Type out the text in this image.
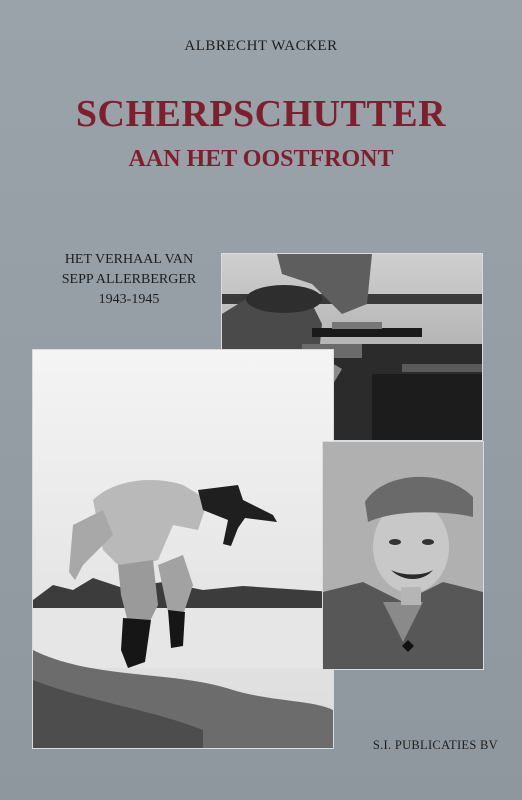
ALBRECHT WACKER
SCHERPSCHUTTER
AAN HET OOSTFRONT
HET VERHAAL VAN
SEPP ALLERBERGER
1943-1945
S.I. PUBLICATIES BV
